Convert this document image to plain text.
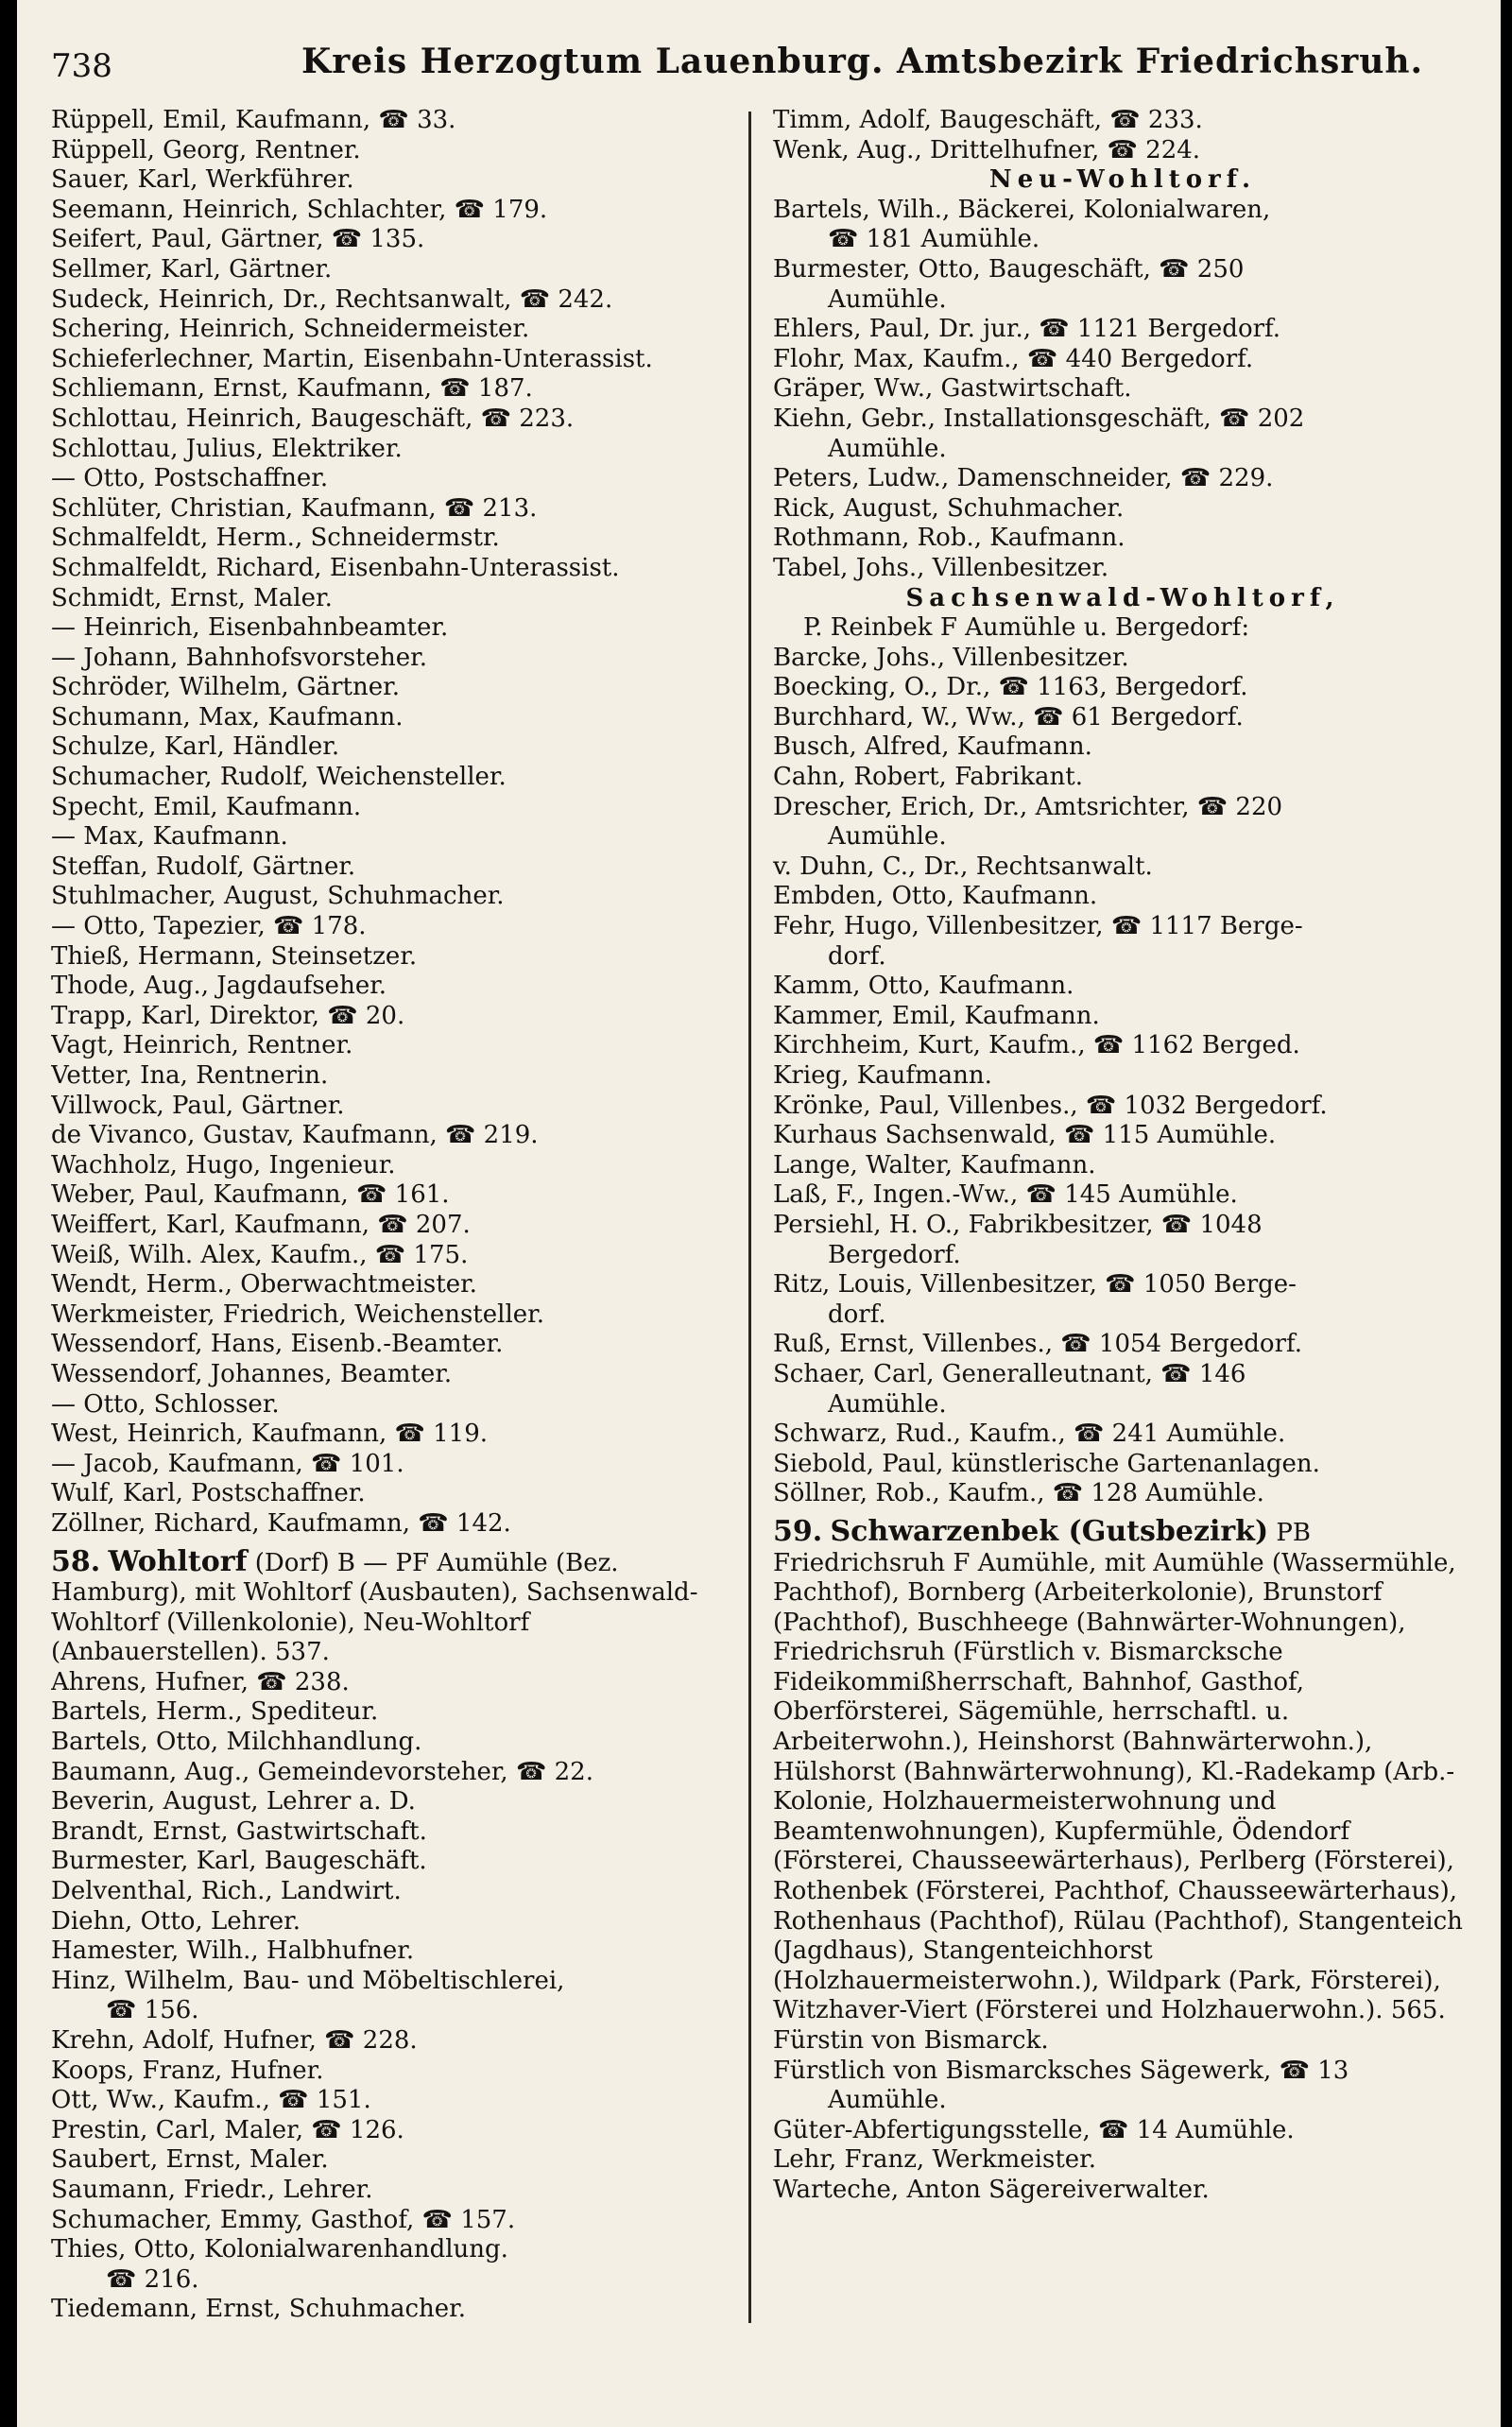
738	Kreis Herzogtum Lauenburg. Amtsbezirk Friedrichsruh.
Rüppell, Emil, Kaufmann, ☎ 33.
Rüppell, Georg, Rentner.
Sauer, Karl, Werkführer.
Seemann, Heinrich, Schlachter, ☎ 179.
Seifert, Paul, Gärtner, ☎ 135.
Sellmer, Karl, Gärtner.
Sudeck, Heinrich, Dr., Rechtsanwalt, ☎ 242.
Schering, Heinrich, Schneidermeister.
Schieferlechner, Martin, Eisenbahn-Unterassist.
Schliemann, Ernst, Kaufmann, ☎ 187.
Schlottau, Heinrich, Baugeschäft, ☎ 223.
Schlottau, Julius, Elektriker.
— Otto, Postschaffner.
Schlüter, Christian, Kaufmann, ☎ 213.
Schmalfeldt, Herm., Schneidermstr.
Schmalfeldt, Richard, Eisenbahn-Unterassist.
Schmidt, Ernst, Maler.
— Heinrich, Eisenbahnbeamter.
— Johann, Bahnhofsvorsteher.
Schröder, Wilhelm, Gärtner.
Schumann, Max, Kaufmann.
Schulze, Karl, Händler.
Schumacher, Rudolf, Weichensteller.
Specht, Emil, Kaufmann.
— Max, Kaufmann.
Steffan, Rudolf, Gärtner.
Stuhlmacher, August, Schuhmacher.
— Otto, Tapezier, ☎ 178.
Thieß, Hermann, Steinsetzer.
Thode, Aug., Jagdaufseher.
Trapp, Karl, Direktor, ☎ 20.
Vagt, Heinrich, Rentner.
Vetter, Ina, Rentnerin.
Villwock, Paul, Gärtner.
de Vivanco, Gustav, Kaufmann, ☎ 219.
Wachholz, Hugo, Ingenieur.
Weber, Paul, Kaufmann, ☎ 161.
Weiffert, Karl, Kaufmann, ☎ 207.
Weiß, Wilh. Alex, Kaufm., ☎ 175.
Wendt, Herm., Oberwachtmeister.
Werkmeister, Friedrich, Weichensteller.
Wessendorf, Hans, Eisenb.-Beamter.
Wessendorf, Johannes, Beamter.
— Otto, Schlosser.
West, Heinrich, Kaufmann, ☎ 119.
— Jacob, Kaufmann, ☎ 101.
Wulf, Karl, Postschaffner.
Zöllner, Richard, Kaufmamn, ☎ 142.
58. Wohltorf (Dorf) B — PF Aumühle (Bez. Hamburg), mit Wohltorf (Ausbauten), Sachsenwald-Wohltorf (Villenkolonie), Neu-Wohltorf (Anbauerstellen). 537.
Ahrens, Hufner, ☎ 238.
Bartels, Herm., Spediteur.
Bartels, Otto, Milchhandlung.
Baumann, Aug., Gemeindevorsteher, ☎ 22.
Beverin, August, Lehrer a. D.
Brandt, Ernst, Gastwirtschaft.
Burmester, Karl, Baugeschäft.
Delventhal, Rich., Landwirt.
Diehn, Otto, Lehrer.
Hamester, Wilh., Halbhufner.
Hinz, Wilhelm, Bau- und Möbeltischlerei,
☎ 156.
Krehn, Adolf, Hufner, ☎ 228.
Koops, Franz, Hufner.
Ott, Ww., Kaufm., ☎ 151.
Prestin, Carl, Maler, ☎ 126.
Saubert, Ernst, Maler.
Saumann, Friedr., Lehrer.
Schumacher, Emmy, Gasthof, ☎ 157.
Thies, Otto, Kolonialwarenhandlung.
☎ 216.
Tiedemann, Ernst, Schuhmacher.
Timm, Adolf, Baugeschäft, ☎ 233.
Wenk, Aug., Drittelhufner, ☎ 224.
Neu-Wohltorf.
Bartels, Wilh., Bäckerei, Kolonialwaren,
☎ 181 Aumühle.
Burmester, Otto, Baugeschäft, ☎ 250
Aumühle.
Ehlers, Paul, Dr. jur., ☎ 1121 Bergedorf.
Flohr, Max, Kaufm., ☎ 440 Bergedorf.
Gräper, Ww., Gastwirtschaft.
Kiehn, Gebr., Installationsgeschäft, ☎ 202
Aumühle.
Peters, Ludw., Damenschneider, ☎ 229.
Rick, August, Schuhmacher.
Rothmann, Rob., Kaufmann.
Tabel, Johs., Villenbesitzer.
Sachsenwald-Wohltorf,
P. Reinbek F Aumühle u. Bergedorf:
Barcke, Johs., Villenbesitzer.
Boecking, O., Dr., ☎ 1163, Bergedorf.
Burchhard, W., Ww., ☎ 61 Bergedorf.
Busch, Alfred, Kaufmann.
Cahn, Robert, Fabrikant.
Drescher, Erich, Dr., Amtsrichter, ☎ 220
Aumühle.
v. Duhn, C., Dr., Rechtsanwalt.
Embden, Otto, Kaufmann.
Fehr, Hugo, Villenbesitzer, ☎ 1117 Berge-
dorf.
Kamm, Otto, Kaufmann.
Kammer, Emil, Kaufmann.
Kirchheim, Kurt, Kaufm., ☎ 1162 Berged.
Krieg, Kaufmann.
Krönke, Paul, Villenbes., ☎ 1032 Bergedorf.
Kurhaus Sachsenwald, ☎ 115 Aumühle.
Lange, Walter, Kaufmann.
Laß, F., Ingen.-Ww., ☎ 145 Aumühle.
Persiehl, H. O., Fabrikbesitzer, ☎ 1048
Bergedorf.
Ritz, Louis, Villenbesitzer, ☎ 1050 Berge-
dorf.
Ruß, Ernst, Villenbes., ☎ 1054 Bergedorf.
Schaer, Carl, Generalleutnant, ☎ 146
Aumühle.
Schwarz, Rud., Kaufm., ☎ 241 Aumühle.
Siebold, Paul, künstlerische Gartenanlagen.
Söllner, Rob., Kaufm., ☎ 128 Aumühle.
59. Schwarzenbek (Gutsbezirk) PB Friedrichsruh F Aumühle, mit Aumühle (Wassermühle, Pachthof), Bornberg (Arbeiterkolonie), Brunstorf (Pachthof), Buschheege (Bahnwärter-Wohnungen), Friedrichsruh (Fürstlich v. Bismarcksche Fideikommißherrschaft, Bahnhof, Gasthof, Oberförsterei, Sägemühle, herrschaftl. u. Arbeiterwohn.), Heinshorst (Bahnwärterwohn.), Hülshorst (Bahnwärterwohnung), Kl.-Radekamp (Arb.-Kolonie, Holzhauermeisterwohnung und Beamtenwohnungen), Kupfermühle, Ödendorf (Försterei, Chausseewärterhaus), Perlberg (Försterei), Rothenbek (Försterei, Pachthof, Chausseewärterhaus), Rothenhaus (Pachthof), Rülau (Pachthof), Stangenteich (Jagdhaus), Stangenteichhorst (Holzhauermeisterwohn.), Wildpark (Park, Försterei), Witzhaver-Viert (Försterei und Holzhauerwohn.). 565.
Fürstin von Bismarck.
Fürstlich von Bismarcksches Sägewerk, ☎ 13
Aumühle.
Güter-Abfertigungsstelle, ☎ 14 Aumühle.
Lehr, Franz, Werkmeister.
Warteche, Anton Sägereiverwalter.
